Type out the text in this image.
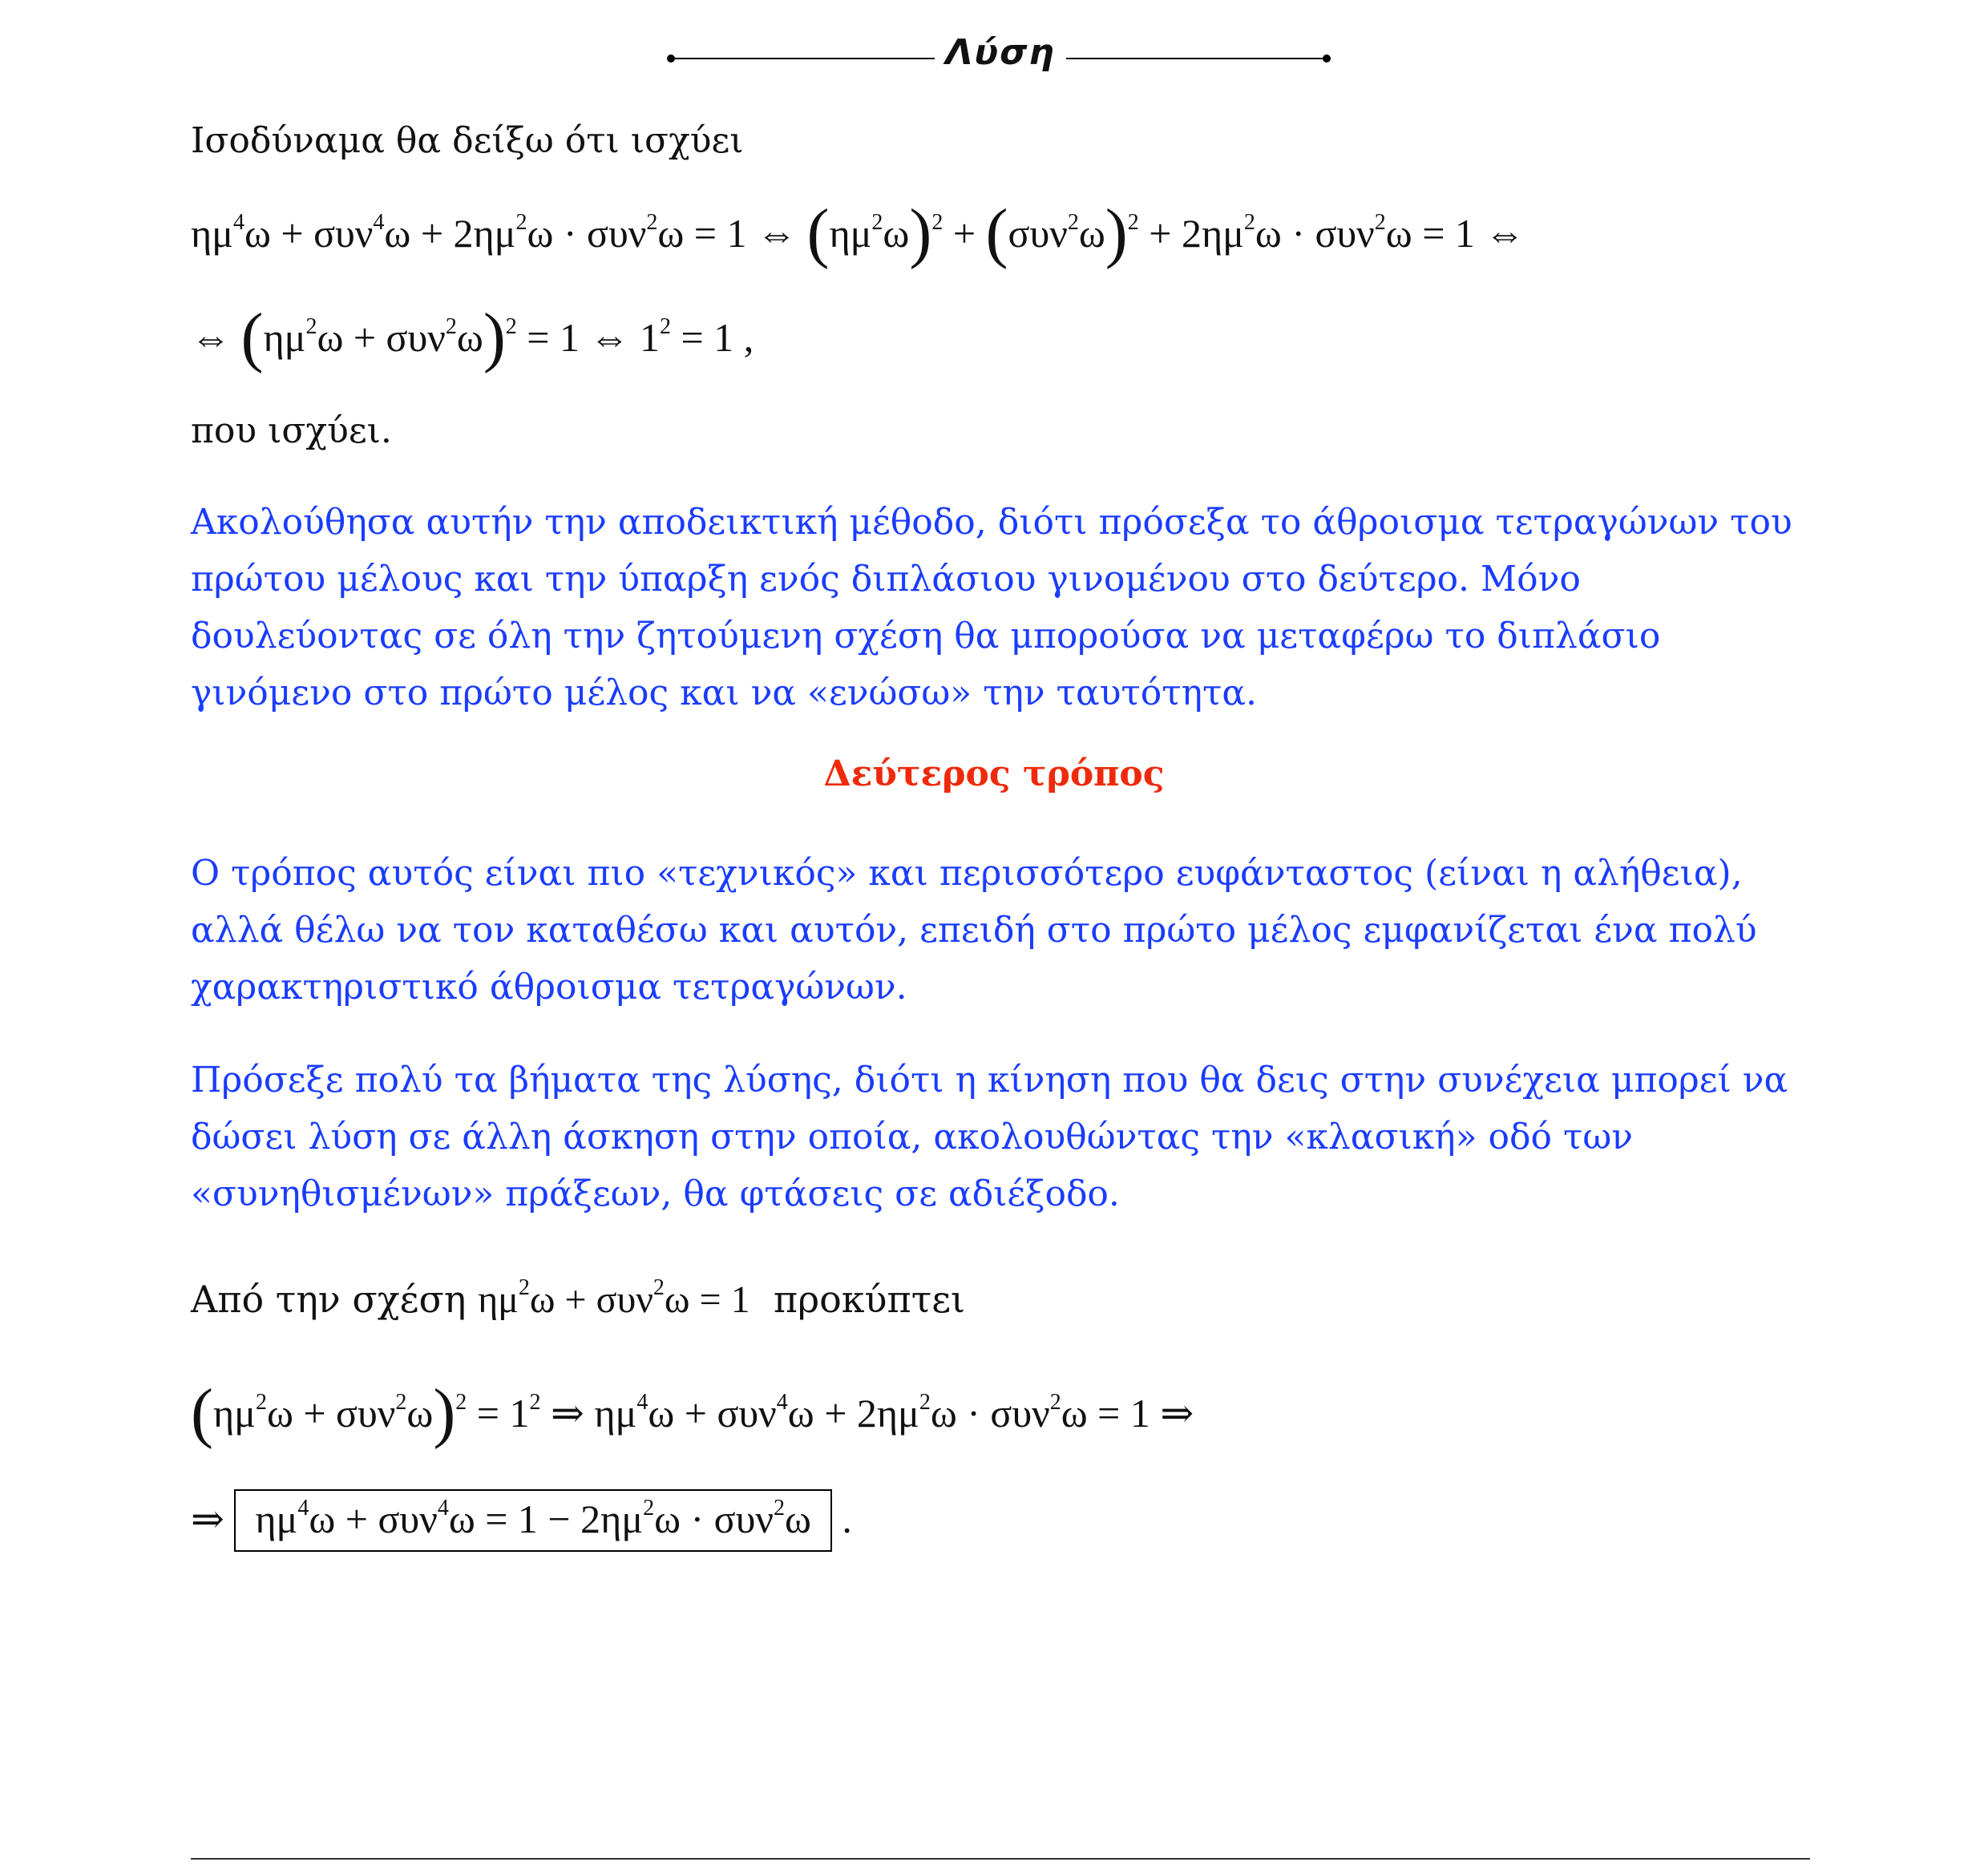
Λύση
Ισοδύναμα θα δείξω ότι ισχύει
$\eta\mu^4\omega + \sigma\upsilon\nu^4\omega + 2\eta\mu^2\omega \cdot \sigma\upsilon\nu^2\omega = 1$ ⇔ $(\eta\mu^2\omega)^2 + (\sigma\upsilon\nu^2\omega)^2 + 2\eta\mu^2\omega \cdot \sigma\upsilon\nu^2\omega = 1$ ⇔
⇔ $(\eta\mu^2\omega + \sigma\upsilon\nu^2\omega)^2 = 1$ ⇔ $1^2 = 1$ ,
που ισχύει.
Ακολούθησα αυτήν την αποδεικτική μέθοδο, διότι πρόσεξα το άθροισμα τετραγώνων του πρώτου μέλους και την ύπαρξη ενός διπλάσιου γινομένου στο δεύτερο. Μόνο δουλεύοντας σε όλη την ζητούμενη σχέση θα μπορούσα να μεταφέρω το διπλάσιο γινόμενο στο πρώτο μέλος και να «ενώσω» την ταυτότητα.
Δεύτερος τρόπος
Ο τρόπος αυτός είναι πιο «τεχνικός» και περισσότερο ευφάνταστος (είναι η αλήθεια), αλλά θέλω να τον καταθέσω και αυτόν, επειδή στο πρώτο μέλος εμφανίζεται ένα πολύ χαρακτηριστικό άθροισμα τετραγώνων.
Πρόσεξε πολύ τα βήματα της λύσης, διότι η κίνηση που θα δεις στην συνέχεια μπορεί να δώσει λύση σε άλλη άσκηση στην οποία, ακολουθώντας την «κλασική» οδό των «συνηθισμένων» πράξεων, θα φτάσεις σε αδιέξοδο.
Από την σχέση $\eta\mu^2\omega + \sigma\upsilon\nu^2\omega = 1$  προκύπτει
$(\eta\mu^2\omega + \sigma\upsilon\nu^2\omega)^2 = 1^2$ ⇒ $\eta\mu^4\omega + \sigma\upsilon\nu^4\omega + 2\eta\mu^2\omega \cdot \sigma\upsilon\nu^2\omega = 1$ ⇒
⇒ $\eta\mu^4\omega + \sigma\upsilon\nu^4\omega = 1 - 2\eta\mu^2\omega \cdot \sigma\upsilon\nu^2\omega$ .
